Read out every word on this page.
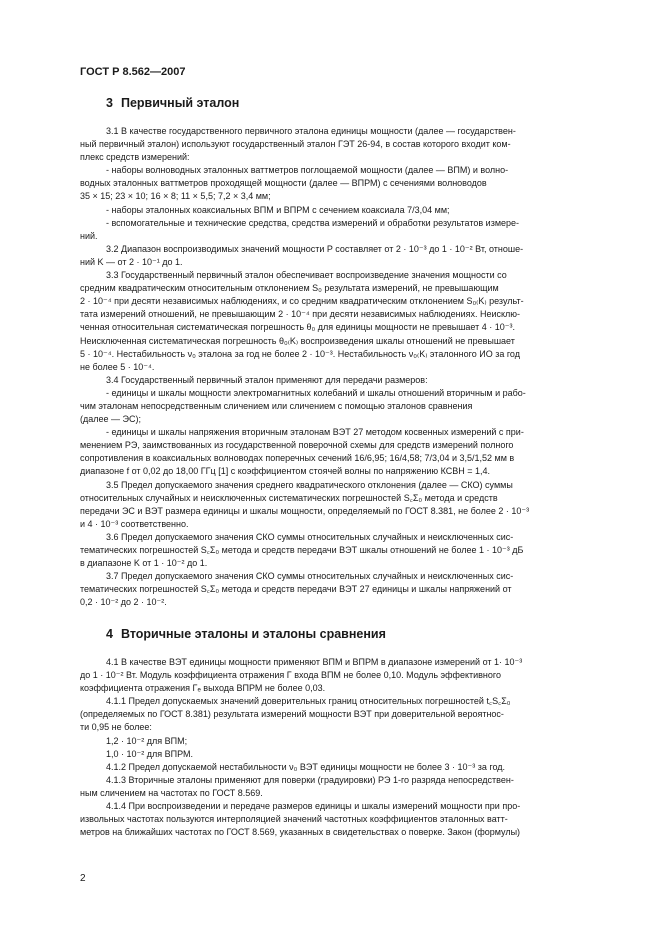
ГОСТ Р 8.562—2007
3 Первичный эталон
3.1 В качестве государственного первичного эталона единицы мощности (далее — государствен-
ный первичный эталон) используют государственный эталон ГЭТ 26-94, в состав которого входит ком-
плекс средств измерений:
- наборы волноводных эталонных ваттметров поглощаемой мощности (далее — ВПМ) и волно-
водных эталонных ваттметров проходящей мощности (далее — ВПРМ) с сечениями волноводов
35 × 15; 23 × 10; 16 × 8; 11 × 5,5; 7,2 × 3,4 мм;
- наборы эталонных коаксиальных ВПМ и ВПРМ с сечением коаксиала 7/3,04 мм;
- вспомогательные и технические средства, средства измерений и обработки результатов измере-
ний.
3.2 Диапазон воспроизводимых значений мощности P составляет от 2 · 10⁻³ до 1 · 10⁻² Вт, отноше-
ний K — от 2 · 10⁻¹ до 1.
3.3 Государственный первичный эталон обеспечивает воспроизведение значения мощности со
средним квадратическим относительным отклонением S₀ результата измерений, не превышающим
2 · 10⁻⁴ при десяти независимых наблюдениях, и со средним квадратическим отклонением S₀₍K₎ результ-
тата измерений отношений, не превышающим 2 · 10⁻⁴ при десяти независимых наблюдениях. Неисклю-
ченная относительная систематическая погрешность θ₀ для единицы мощности не превышает 4 · 10⁻³.
Неисключенная систематическая погрешность θ₀₍K₎ воспроизведения шкалы отношений не превышает
5 · 10⁻⁴. Нестабильность ν₀ эталона за год не более 2 · 10⁻³. Нестабильность ν₀₍K₎ эталонного ИО за год
не более 5 · 10⁻⁴.
3.4 Государственный первичный эталон применяют для передачи размеров:
- единицы и шкалы мощности электромагнитных колебаний и шкалы отношений вторичным и рабо-
чим эталонам непосредственным сличением или сличением с помощью эталонов сравнения
(далее — ЭС);
- единицы и шкалы напряжения вторичным эталонам ВЭТ 27 методом косвенных измерений с при-
менением РЭ, заимствованных из государственной поверочной схемы для средств измерений полного
сопротивления в коаксиальных волноводах поперечных сечений 16/6,95; 16/4,58; 7/3,04 и 3,5/1,52 мм в
диапазоне f от 0,02 до 18,00 ГГц [1] с коэффициентом стоячей волны по напряжению КСВН = 1,4.
3.5 Предел допускаемого значения среднего квадратического отклонения (далее — СКО) суммы
относительных случайных и неисключенных систематических погрешностей S꜀Σ₀ метода и средств
передачи ЭС и ВЭТ размера единицы и шкалы мощности, определяемый по ГОСТ 8.381, не более 2 · 10⁻³
и 4 · 10⁻³ соответственно.
3.6 Предел допускаемого значения СКО суммы относительных случайных и неисключенных сис-
тематических погрешностей S꜀Σ₀ метода и средств передачи ВЭТ шкалы отношений не более 1 · 10⁻³ дБ
в диапазоне K от 1 · 10⁻² до 1.
3.7 Предел допускаемого значения СКО суммы относительных случайных и неисключенных сис-
тематических погрешностей S꜀Σ₀ метода и средств передачи ВЭТ 27 единицы и шкалы напряжений от
0,2 · 10⁻² до 2 · 10⁻².
4 Вторичные эталоны и эталоны сравнения
4.1 В качестве ВЭТ единицы мощности применяют ВПМ и ВПРМ в диапазоне измерений от 1· 10⁻³
до 1 · 10⁻² Вт. Модуль коэффициента отражения Γ входа ВПМ не более 0,10. Модуль эффективного
коэффициента отражения Γₑ выхода ВПРМ не более 0,03.
4.1.1 Предел допускаемых значений доверительных границ относительных погрешностей t꜀S꜀Σ₀
(определяемых по ГОСТ 8.381) результата измерений мощности ВЭТ при доверительной вероятнос-
ти 0,95 не более:
1,2 · 10⁻² для ВПМ;
1,0 · 10⁻² для ВПРМ.
4.1.2 Предел допускаемой нестабильности ν₀ ВЭТ единицы мощности не более 3 · 10⁻³ за год.
4.1.3 Вторичные эталоны применяют для поверки (градуировки) РЭ 1-го разряда непосредствен-
ным сличением на частотах по ГОСТ 8.569.
4.1.4 При воспроизведении и передаче размеров единицы и шкалы измерений мощности при про-
извольных частотах пользуются интерполяцией значений частотных коэффициентов эталонных ватт-
метров на ближайших частотах по ГОСТ 8.569, указанных в свидетельствах о поверке. Закон (формулы)
2
